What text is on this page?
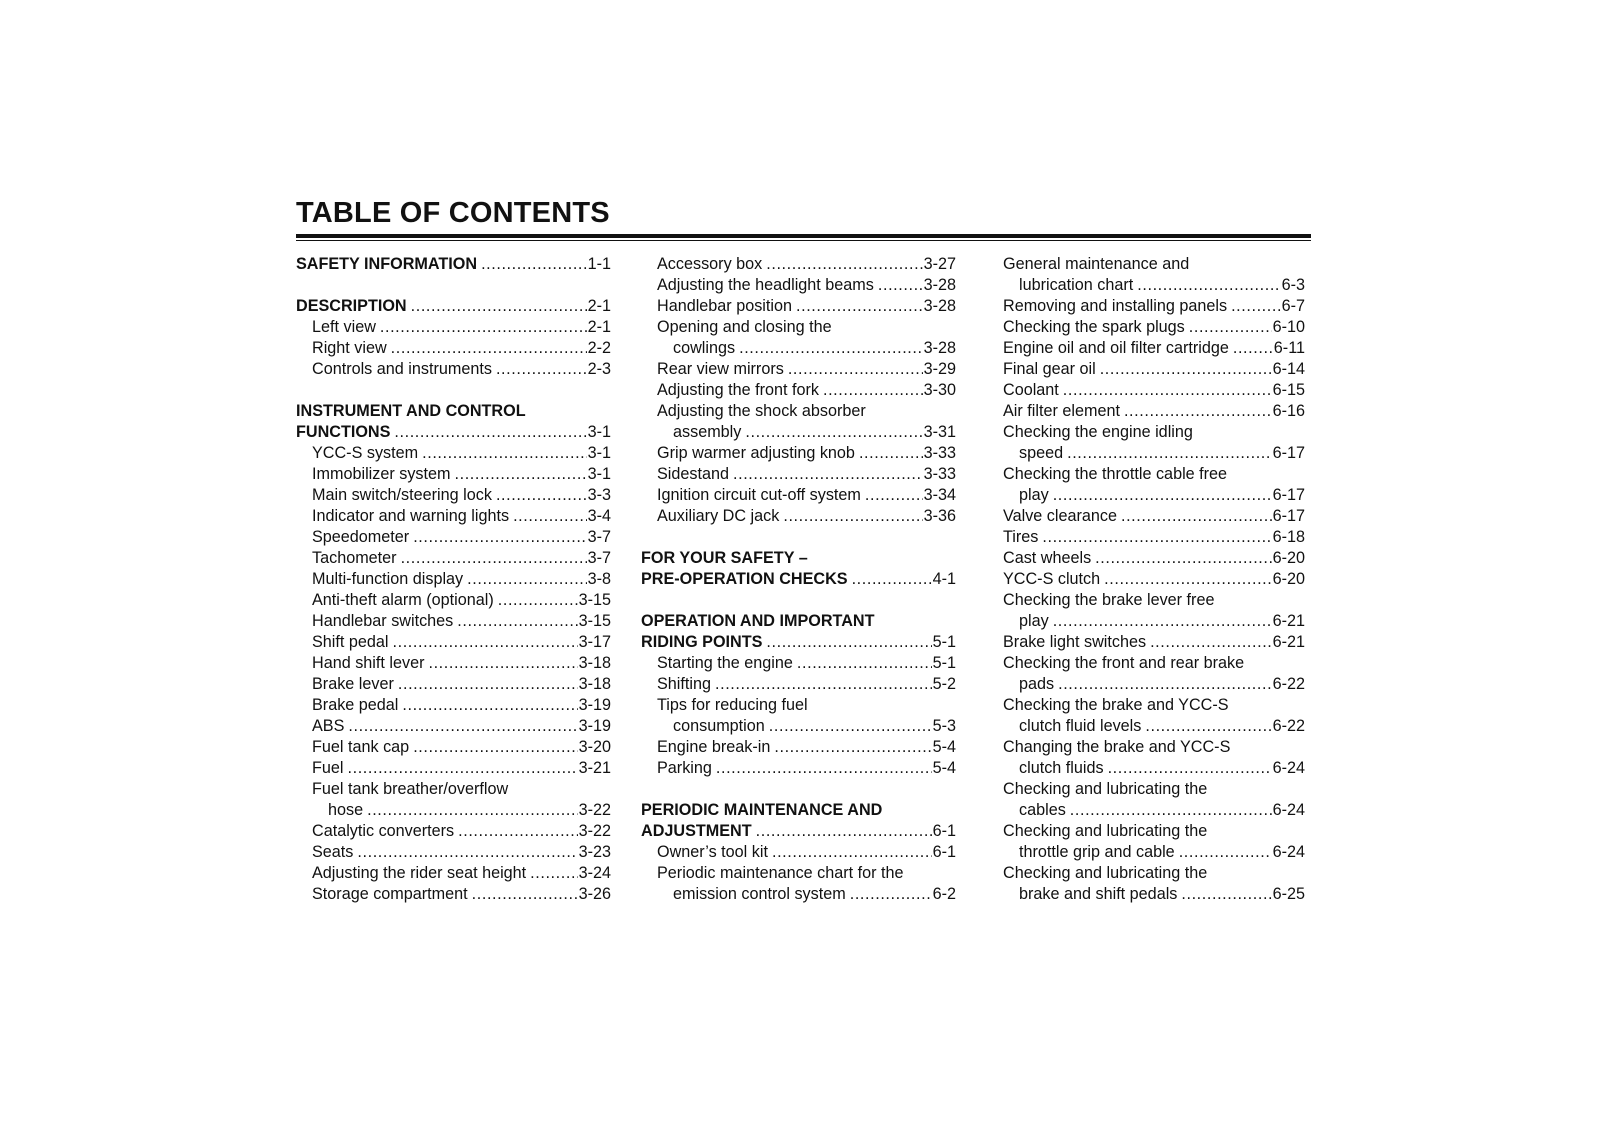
TABLE OF CONTENTS
SAFETY INFORMATION .....	1-1
DESCRIPTION .....	2-1
Left view .....	2-1
Right view .....	2-2
Controls and instruments .....	2-3
INSTRUMENT AND CONTROL
FUNCTIONS .....	3-1
YCC-S system .....	3-1
Immobilizer system .....	3-1
Main switch/steering lock .....	3-3
Indicator and warning lights .....	3-4
Speedometer .....	3-7
Tachometer .....	3-7
Multi-function display .....	3-8
Anti-theft alarm (optional) .....	3-15
Handlebar switches .....	3-15
Shift pedal .....	3-17
Hand shift lever .....	3-18
Brake lever .....	3-18
Brake pedal .....	3-19
ABS .....	3-19
Fuel tank cap .....	3-20
Fuel .....	3-21
Fuel tank breather/overflow
hose .....	3-22
Catalytic converters .....	3-22
Seats .....	3-23
Adjusting the rider seat height .....	3-24
Storage compartment .....	3-26
Accessory box .....	3-27
Adjusting the headlight beams .....	3-28
Handlebar position .....	3-28
Opening and closing the
cowlings .....	3-28
Rear view mirrors .....	3-29
Adjusting the front fork .....	3-30
Adjusting the shock absorber
assembly .....	3-31
Grip warmer adjusting knob .....	3-33
Sidestand .....	3-33
Ignition circuit cut-off system .....	3-34
Auxiliary DC jack .....	3-36
FOR YOUR SAFETY –
PRE-OPERATION CHECKS .....	4-1
OPERATION AND IMPORTANT
RIDING POINTS .....	5-1
Starting the engine .....	5-1
Shifting .....	5-2
Tips for reducing fuel
consumption .....	5-3
Engine break-in .....	5-4
Parking .....	5-4
PERIODIC MAINTENANCE AND
ADJUSTMENT .....	6-1
Owner’s tool kit .....	6-1
Periodic maintenance chart for the
emission control system .....	6-2
General maintenance and
lubrication chart .....	6-3
Removing and installing panels .....	6-7
Checking the spark plugs .....	6-10
Engine oil and oil filter cartridge .....	6-11
Final gear oil .....	6-14
Coolant .....	6-15
Air filter element .....	6-16
Checking the engine idling
speed .....	6-17
Checking the throttle cable free
play .....	6-17
Valve clearance .....	6-17
Tires .....	6-18
Cast wheels .....	6-20
YCC-S clutch .....	6-20
Checking the brake lever free
play .....	6-21
Brake light switches .....	6-21
Checking the front and rear brake
pads .....	6-22
Checking the brake and YCC-S
clutch fluid levels .....	6-22
Changing the brake and YCC-S
clutch fluids .....	6-24
Checking and lubricating the
cables .....	6-24
Checking and lubricating the
throttle grip and cable .....	6-24
Checking and lubricating the
brake and shift pedals .....	6-25
